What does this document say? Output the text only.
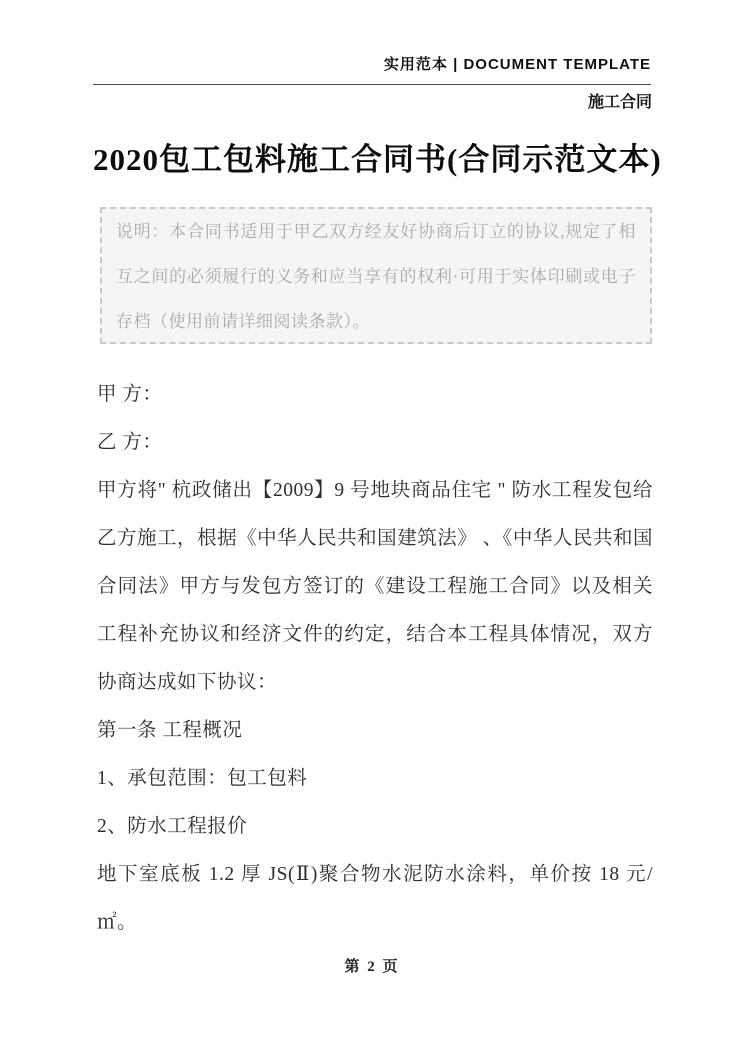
实用范本 | DOCUMENT TEMPLATE
施工合同
2020包工包料施工合同书(合同示范文本)
说明：本合同书适用于甲乙双方经友好协商后订立的协议,规定了相互之间的必须履行的义务和应当享有的权利·可用于实体印刷或电子存档（使用前请详细阅读条款）。

甲 方：

乙 方：

甲方将" 杭政储出【2009】9 号地块商品住宅 " 防水工程发包给乙方施工，根据《中华人民共和国建筑法》 、《中华人民共和国合同法》甲方与发包方签订的《建设工程施工合同》以及相关工程补充协议和经济文件的约定，结合本工程具体情况，双方协商达成如下协议：

第一条 工程概况

1、承包范围：包工包料

2、防水工程报价

地下室底板 1.2 厚 JS(Ⅱ)聚合物水泥防水涂料，单价按 18 元/㎡。

第 2 页
